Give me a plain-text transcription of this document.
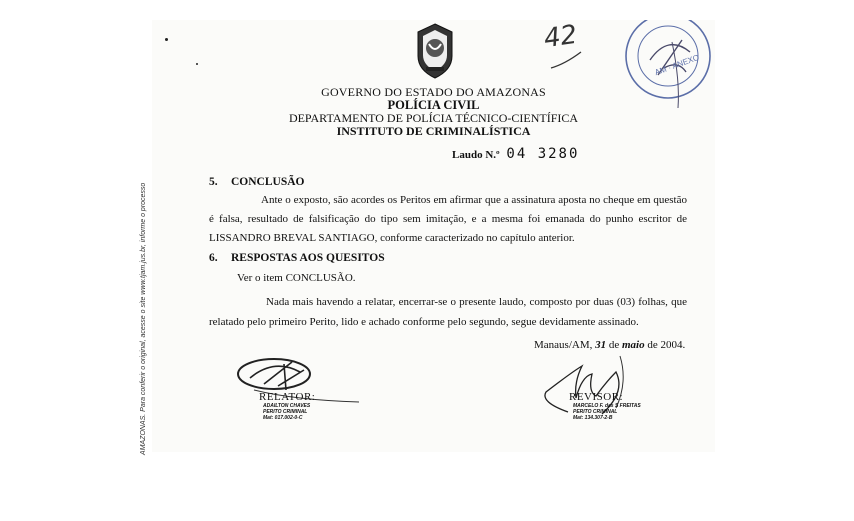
AMAZONAS. Para conferir o original, acesse o site www.tjam.jus.br, informe o processo
42
AM · ANEXO
GOVERNO DO ESTADO DO AMAZONAS
POLÍCIA CIVIL
DEPARTAMENTO DE POLÍCIA TÉCNICO-CIENTÍFICA
INSTITUTO DE CRIMINALÍSTICA
Laudo N.º 04 3280
5. CONCLUSÃO
Ante o exposto, são acordes os Peritos em afirmar que a assinatura aposta no cheque em questão é falsa, resultado de falsificação do tipo sem imitação, e a mesma foi emanada do punho escritor de LISSANDRO BREVAL SANTIAGO, conforme caracterizado no capítulo anterior.
6. RESPOSTAS AOS QUESITOS
Ver o item CONCLUSÃO.
Nada mais havendo a relatar, encerrar-se o presente laudo, composto por duas (03) folhas, que relatado pelo primeiro Perito, lido e achado conforme pelo segundo, segue devidamente assinado.
Manaus/AM, 31 de maio de 2004.
RELATOR:
ADAILTON CHAVES
PERITO CRIMINAL
Mat: 017.002-0-C
REVISOR:
MARCELO F. das S FREITAS
PERITO CRIMINAL
Mat: 134.307-2-B
